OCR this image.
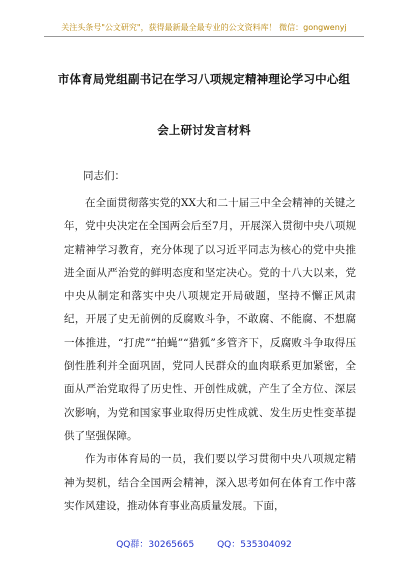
关注头条号"公文研究"，获得最新最全最专业的公文资料库！ 微信：gongwenyj
市体育局党组副书记在学习八项规定精神理论学习中心组
会上研讨发言材料
同志们：

在全面贯彻落实党的XX大和二十届三中全会精神的关键之年，党中央决定在全国两会后至7月，开展深入贯彻中央八项规定精神学习教育，充分体现了以习近平同志为核心的党中央推进全面从严治党的鲜明态度和坚定决心。党的十八大以来，党中央从制定和落实中央八项规定开局破题，坚持不懈正风肃纪，开展了史无前例的反腐败斗争，不敢腐、不能腐、不想腐一体推进，“打虎”“拍蝇”“猎狐”多管齐下，反腐败斗争取得压倒性胜利并全面巩固，党同人民群众的血肉联系更加紧密，全面从严治党取得了历史性、开创性成就，产生了全方位、深层次影响，为党和国家事业取得历史性成就、发生历史性变革提供了坚强保障。

作为市体育局的一员，我们要以学习贯彻中央八项规定精神为契机，结合全国两会精神，深入思考如何在体育工作中落实作风建设，推动体育事业高质量发展。下面，

QQ群：30265665	QQ：535304092
